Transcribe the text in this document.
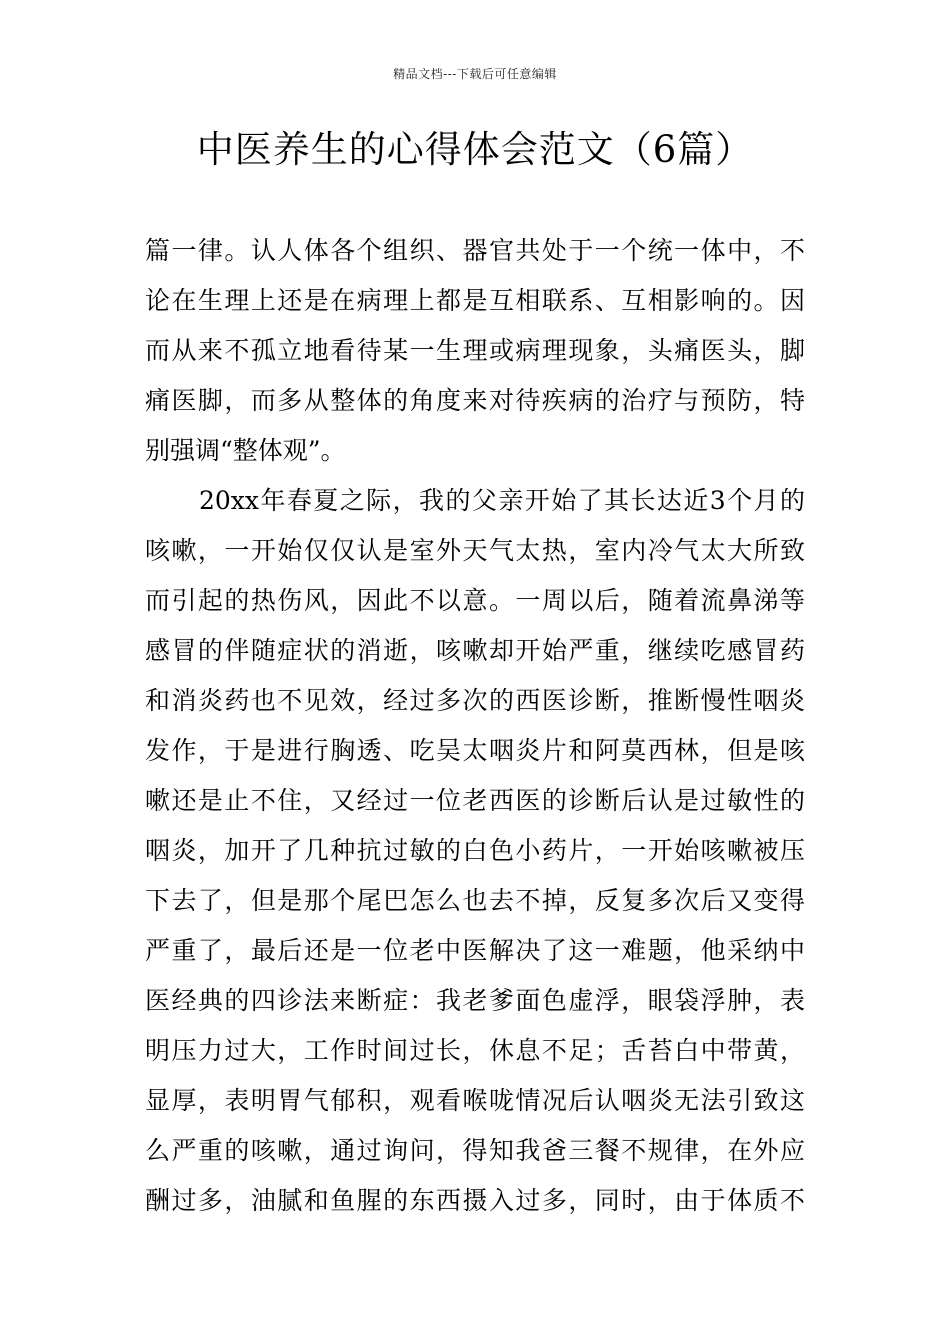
精品文档---下载后可任意编辑
中医养生的心得体会范文（6篇）
篇一律。认人体各个组织、器官共处于一个统一体中，不
论在生理上还是在病理上都是互相联系、互相影响的。因
而从来不孤立地看待某一生理或病理现象，头痛医头，脚
痛医脚，而多从整体的角度来对待疾病的治疗与预防，特
别强调“整体观”。
20xx年春夏之际，我的父亲开始了其长达近3个月的
咳嗽，一开始仅仅认是室外天气太热，室内冷气太大所致
而引起的热伤风，因此不以意。一周以后，随着流鼻涕等
感冒的伴随症状的消逝，咳嗽却开始严重，继续吃感冒药
和消炎药也不见效，经过多次的西医诊断，推断慢性咽炎
发作，于是进行胸透、吃吴太咽炎片和阿莫西林，但是咳
嗽还是止不住，又经过一位老西医的诊断后认是过敏性的
咽炎，加开了几种抗过敏的白色小药片，一开始咳嗽被压
下去了，但是那个尾巴怎么也去不掉，反复多次后又变得
严重了，最后还是一位老中医解决了这一难题，他采纳中
医经典的四诊法来断症：我老爹面色虚浮，眼袋浮肿，表
明压力过大，工作时间过长，休息不足；舌苔白中带黄，
显厚，表明胃气郁积，观看喉咙情况后认咽炎无法引致这
么严重的咳嗽，通过询问，得知我爸三餐不规律，在外应
酬过多，油腻和鱼腥的东西摄入过多，同时，由于体质不
